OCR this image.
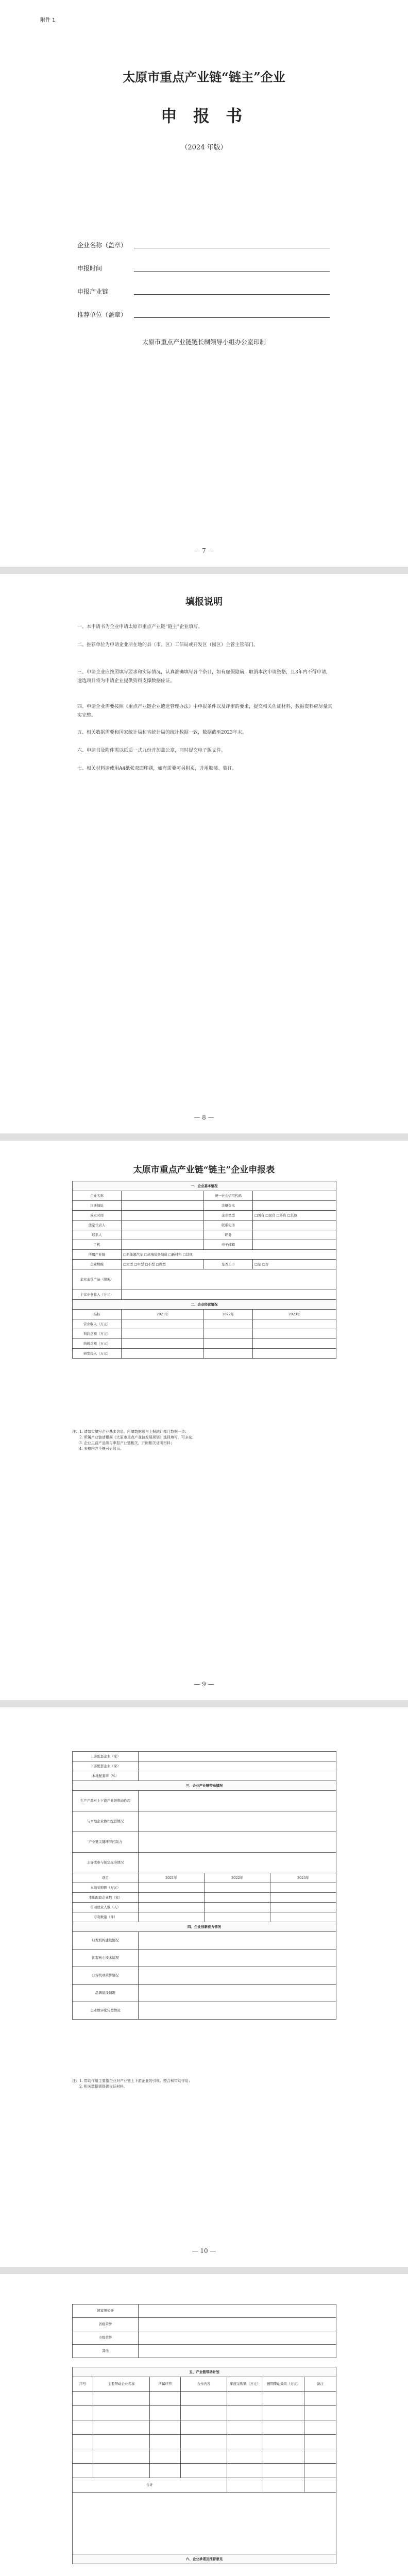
附件 1
太原市重点产业链“链主”企业
申 报 书
（2024 年版）
企业名称（盖章）
申报时间
申报产业链
推荐单位（盖章）
太原市重点产业链链长制领导小组办公室印制
— 7 —
填报说明
一、本申请书为企业申请太原市重点产业链“链主”企业填写。
二、推荐单位为申请企业所在地的县（市、区）工信局或开发区（园区）主管主管部门。
三、申请企业应按照填写要求和实际情况，认真准确填写各个条目，如有虚假隐瞒，取消本次申请资格，且3年内不得申请，逾选项目将为申请企业提供资料支撑数据佐证。
四、申请企业需要按照《重点产业链企业遴选管理办法》中申报条件以及评审的要求，提交相关佐证材料，数据资料应尽量真实完整。
五、相关数据需要和国家统计局和省统计局的统计数据一致，数据截至2023年末。
六、申请书及附件需以纸质一式九份并加盖公章，同时提交电子版文件。
七、相关材料请使用A4纸张双面印刷，如有需要可另附页，并用胶装、装订。
— 8 —
太原市重点产业链“链主”企业申报表
一、企业基本情况			
企业名称		统一社会信用代码	
注册地址		注册资本	
成立时间		企业类型	□国有 □民营 □外资 □其他
法定代表人		联系电话	
联系人		职务	
手机		电子邮箱	
所属产业链	□新能源汽车 □高端装备制造 □新材料 □其他		
企业规模	□大型 □中型 □小型 □微型	是否上市	□是 □否
企业主营产品（服务）			
主营业务收入（万元）			
二、企业经营情况			
指标	2021年	2022年	2023年
营业收入（万元）			
利润总额（万元）			
纳税总额（万元）			
研发投入（万元）			
注：1. 请如实填写企业基本信息，所填数据须与上报统计部门数据一致；
2. 所属产业链请根据《太原市重点产业链发展规划》选择填写，可多选；
3. 企业主营产品须与申报产业链相关，并附相关证明材料；
4. 表格内容不够可另附页。
— 9 —
上游配套企业（家）			
下游配套企业（家）			
本地配套率（%）			
三、企业产业链带动情况			
生产产品对上下游产业链带动作用			
与本地企业协作配套情况			
产业链关键环节控制力			
主导或参与制定标准情况			
项目	2021年	2022年	2023年
本地采购额（万元）			
本地配套企业数（家）			
带动就业人数（人）			
专利数量（件）			
四、企业创新能力情况			
研发机构建设情况			
拥有核心技术情况			
获得奖项荣誉情况			
品牌建设情况			
企业数字化转型情况			
注：1. 带动作用主要指企业对产业链上下游企业的引领、整合和带动作用；
2. 相关数据需提供佐证材料。
— 10 —
国家级荣誉	
省级荣誉	
市级荣誉	
其他	
五、产业链带动计划						
序号	主要带动企业名称	所属环节	合作内容	年度采购额（万元）	预期带动效果（万元）	备注

合计						

六、企业承诺及推荐意见						
